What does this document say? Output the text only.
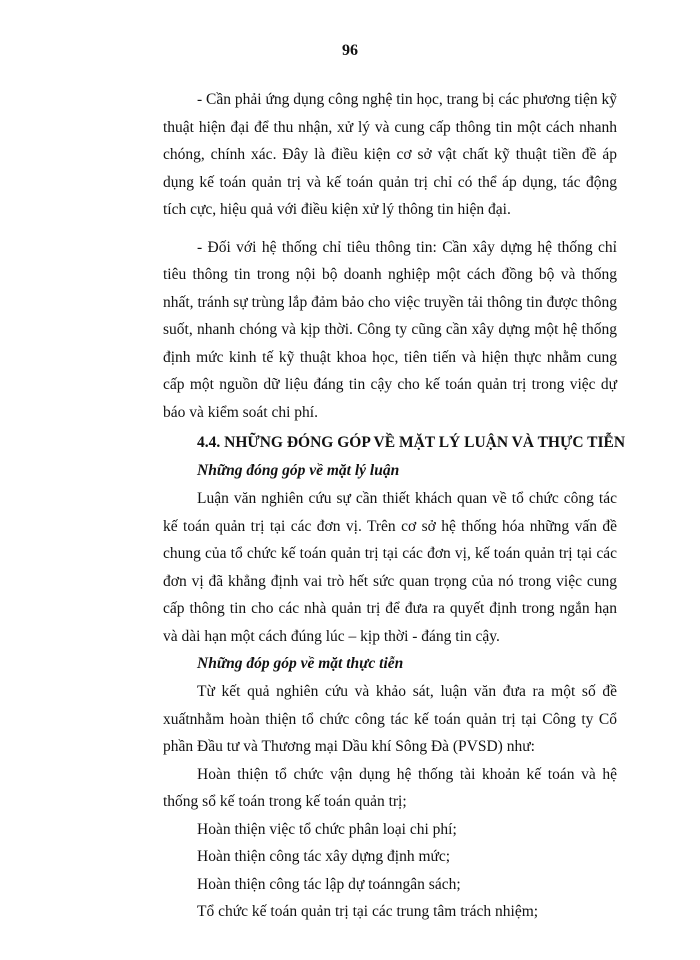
96

- Cần phải ứng dụng công nghệ tin học, trang bị các phương tiện kỹ thuật hiện đại để thu nhận, xử lý và cung cấp thông tin một cách nhanh chóng, chính xác. Đây là điều kiện cơ sở vật chất kỹ thuật tiền đề áp dụng kế toán quản trị và kế toán quản trị chỉ có thể áp dụng, tác động tích cực, hiệu quả với điều kiện xử lý thông tin hiện đại.

- Đối với hệ thống chỉ tiêu thông tin: Cần xây dựng hệ thống chỉ tiêu thông tin trong nội bộ doanh nghiệp một cách đồng bộ và thống nhất, tránh sự trùng lắp đảm bảo cho việc truyền tải thông tin được thông suốt, nhanh chóng và kịp thời. Công ty cũng cần xây dựng một hệ thống định mức kinh tế kỹ thuật khoa học, tiên tiến và hiện thực nhằm cung cấp một nguồn dữ liệu đáng tin cậy cho kế toán quản trị trong việc dự báo và kiểm soát chi phí.

4.4. NHỮNG ĐÓNG GÓP VỀ MẶT LÝ LUẬN VÀ THỰC TIỄN
Những đóng góp về mặt lý luận

Luận văn nghiên cứu sự cần thiết khách quan về tổ chức công tác kế toán quản trị tại các đơn vị. Trên cơ sở hệ thống hóa những vấn đề chung của tổ chức kế toán quản trị tại các đơn vị, kế toán quản trị tại các đơn vị đã khẳng định vai trò hết sức quan trọng của nó trong việc cung cấp thông tin cho các nhà quản trị để đưa ra quyết định trong ngắn hạn và dài hạn một cách đúng lúc – kịp thời - đáng tin cậy.

Những đóp góp về mặt thực tiễn

Từ kết quả nghiên cứu và khảo sát, luận văn đưa ra một số đề xuấtnhằm hoàn thiện tổ chức công tác kế toán quản trị tại Công ty Cổ phần Đầu tư và Thương mại Dầu khí Sông Đà (PVSD) như:

Hoàn thiện tổ chức vận dụng hệ thống tài khoản kế toán và hệ thống sổ kế toán trong kế toán quản trị;

Hoàn thiện việc tổ chức phân loại chi phí;

Hoàn thiện công tác xây dựng định mức;

Hoàn thiện công tác lập dự toánngân sách;

Tổ chức kế toán quản trị tại các trung tâm trách nhiệm;
